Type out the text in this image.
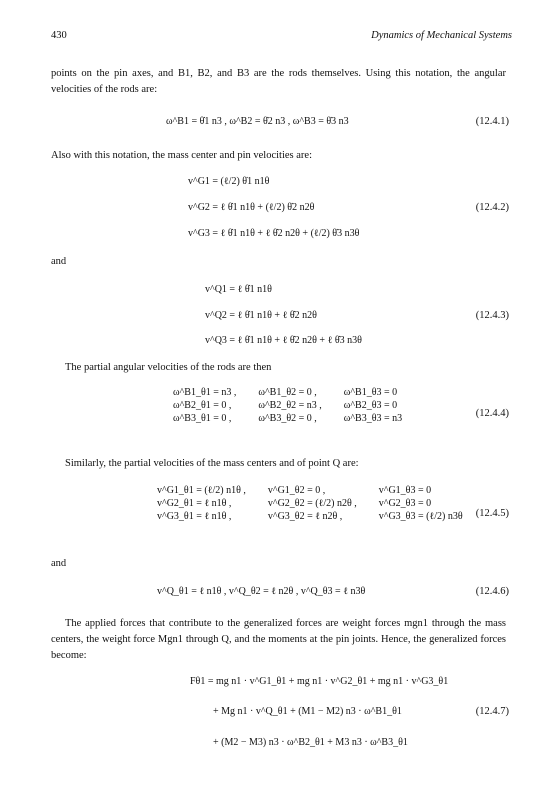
430	Dynamics of Mechanical Systems

points on the pin axes, and B1, B2, and B3 are the rods themselves. Using this notation, the angular velocities of the rods are:

ω^B1 = θ̇1 n3 , ω^B2 = θ̇2 n3 , ω^B3 = θ̇3 n3	(12.4.1)

Also with this notation, the mass center and pin velocities are:

v^G1 = (ℓ/2) θ̇1 n1θ
v^G2 = ℓ θ̇1 n1θ + (ℓ/2) θ̇2 n2θ
v^G3 = ℓ θ̇1 n1θ + ℓ θ̇2 n2θ + (ℓ/2) θ̇3 n3θ
(12.4.2)

and

v^Q1 = ℓ θ̇1 n1θ
v^Q2 = ℓ θ̇1 n1θ + ℓ θ̇2 n2θ
v^Q3 = ℓ θ̇1 n1θ + ℓ θ̇2 n2θ + ℓ θ̇3 n3θ
(12.4.3)

The partial angular velocities of the rods are then

ω^B1_θ1 = n3 ,	ω^B1_θ2 = 0 ,	ω^B1_θ3 = 0
ω^B2_θ1 = 0 ,	ω^B2_θ2 = n3 ,	ω^B2_θ3 = 0
ω^B3_θ1 = 0 ,	ω^B3_θ2 = 0 ,	ω^B3_θ3 = n3	(12.4.4)

Similarly, the partial velocities of the mass centers and of point Q are:

v^G1_θ1 = (ℓ/2) n1θ ,	v^G1_θ2 = 0 ,	v^G1_θ3 = 0
v^G2_θ1 = ℓ n1θ ,	v^G2_θ2 = (ℓ/2) n2θ ,	v^G2_θ3 = 0
v^G3_θ1 = ℓ n1θ ,	v^G3_θ2 = ℓ n2θ ,	v^G3_θ3 = (ℓ/2) n3θ (12.4.5)

and

v^Q_θ1 = ℓ n1θ , v^Q_θ2 = ℓ n2θ , v^Q_θ3 = ℓ n3θ	(12.4.6)

The applied forces that contribute to the generalized forces are weight forces mgn1 through the mass centers, the weight force Mgn1 through Q, and the moments at the pin joints. Hence, the generalized forces become:

Fθ1 = mg n1 · v^G1_θ1 + mg n1 · v^G2_θ1 + mg n1 · v^G3_θ1
+ Mg n1 · v^Q_θ1 + (M1 − M2) n3 · ω^B1_θ1
+ (M2 − M3) n3 · ω^B2_θ1 + M3 n3 · ω^B3_θ1
(12.4.7)
